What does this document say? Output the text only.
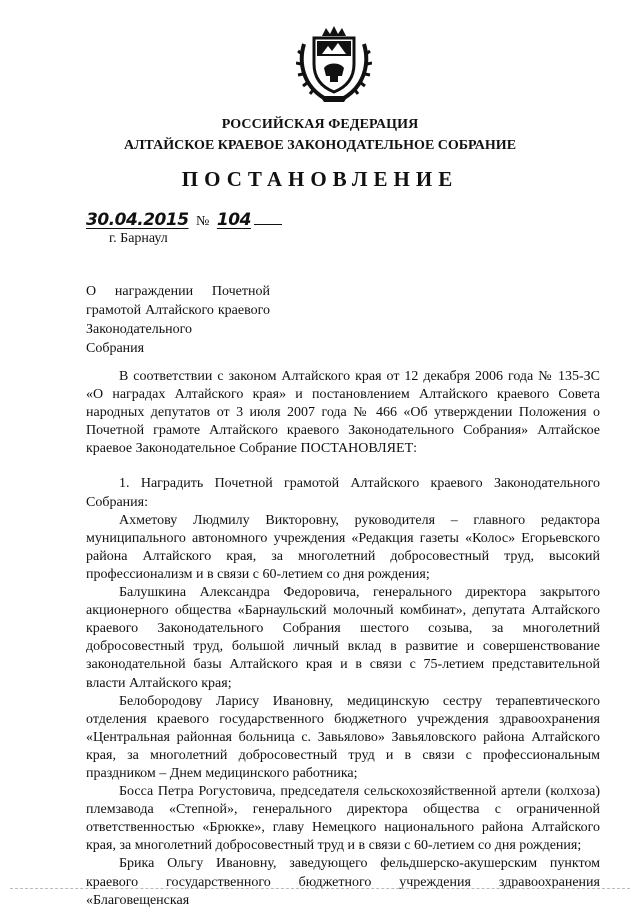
РОССИЙСКАЯ ФЕДЕРАЦИЯ
АЛТАЙСКОЕ КРАЕВОЕ ЗАКОНОДАТЕЛЬНОЕ СОБРАНИЕ
ПОСТАНОВЛЕНИЕ
30.04.2015 № 104
г. Барнаул
О награждении Почетной
грамотой Алтайского краевого
Законодательного Собрания

В соответствии с законом Алтайского края от 12 декабря 2006 года № 135-ЗС «О наградах Алтайского края» и постановлением Алтайского краевого Совета народных депутатов от 3 июля 2007 года № 466 «Об утверждении Положения о Почетной грамоте Алтайского краевого Законодательного Собрания» Алтайское краевое Законодательное Собрание ПОСТАНОВЛЯЕТ:

1. Наградить Почетной грамотой Алтайского краевого Законодательного Собрания:

Ахметову Людмилу Викторовну, руководителя – главного редактора муниципального автономного учреждения «Редакция газеты «Колос» Егорьевского района Алтайского края, за многолетний добросовестный труд, высокий профессионализм и в связи с 60-летием со дня рождения;

Балушкина Александра Федоровича, генерального директора закрытого акционерного общества «Барнаульский молочный комбинат», депутата Алтайского краевого Законодательного Собрания шестого созыва, за многолетний добросовестный труд, большой личный вклад в развитие и совершенствование законодательной базы Алтайского края и в связи с 75-летием представительной власти Алтайского края;

Белобородову Ларису Ивановну, медицинскую сестру терапевтического отделения краевого государственного бюджетного учреждения здравоохранения «Центральная районная больница с. Завьялово» Завьяловского района Алтайского края, за многолетний добросовестный труд и в связи с профессиональным праздником – Днем медицинского работника;

Босса Петра Рогустовича, председателя сельскохозяйственной артели (колхоза) племзавода «Степной», генерального директора общества с ограниченной ответственностью «Брюкке», главу Немецкого национального района Алтайского края, за многолетний добросовестный труд и в связи с 60-летием со дня рождения;

Брика Ольгу Ивановну, заведующего фельдшерско-акушерским пунктом краевого государственного бюджетного учреждения здравоохранения «Благовещенская
